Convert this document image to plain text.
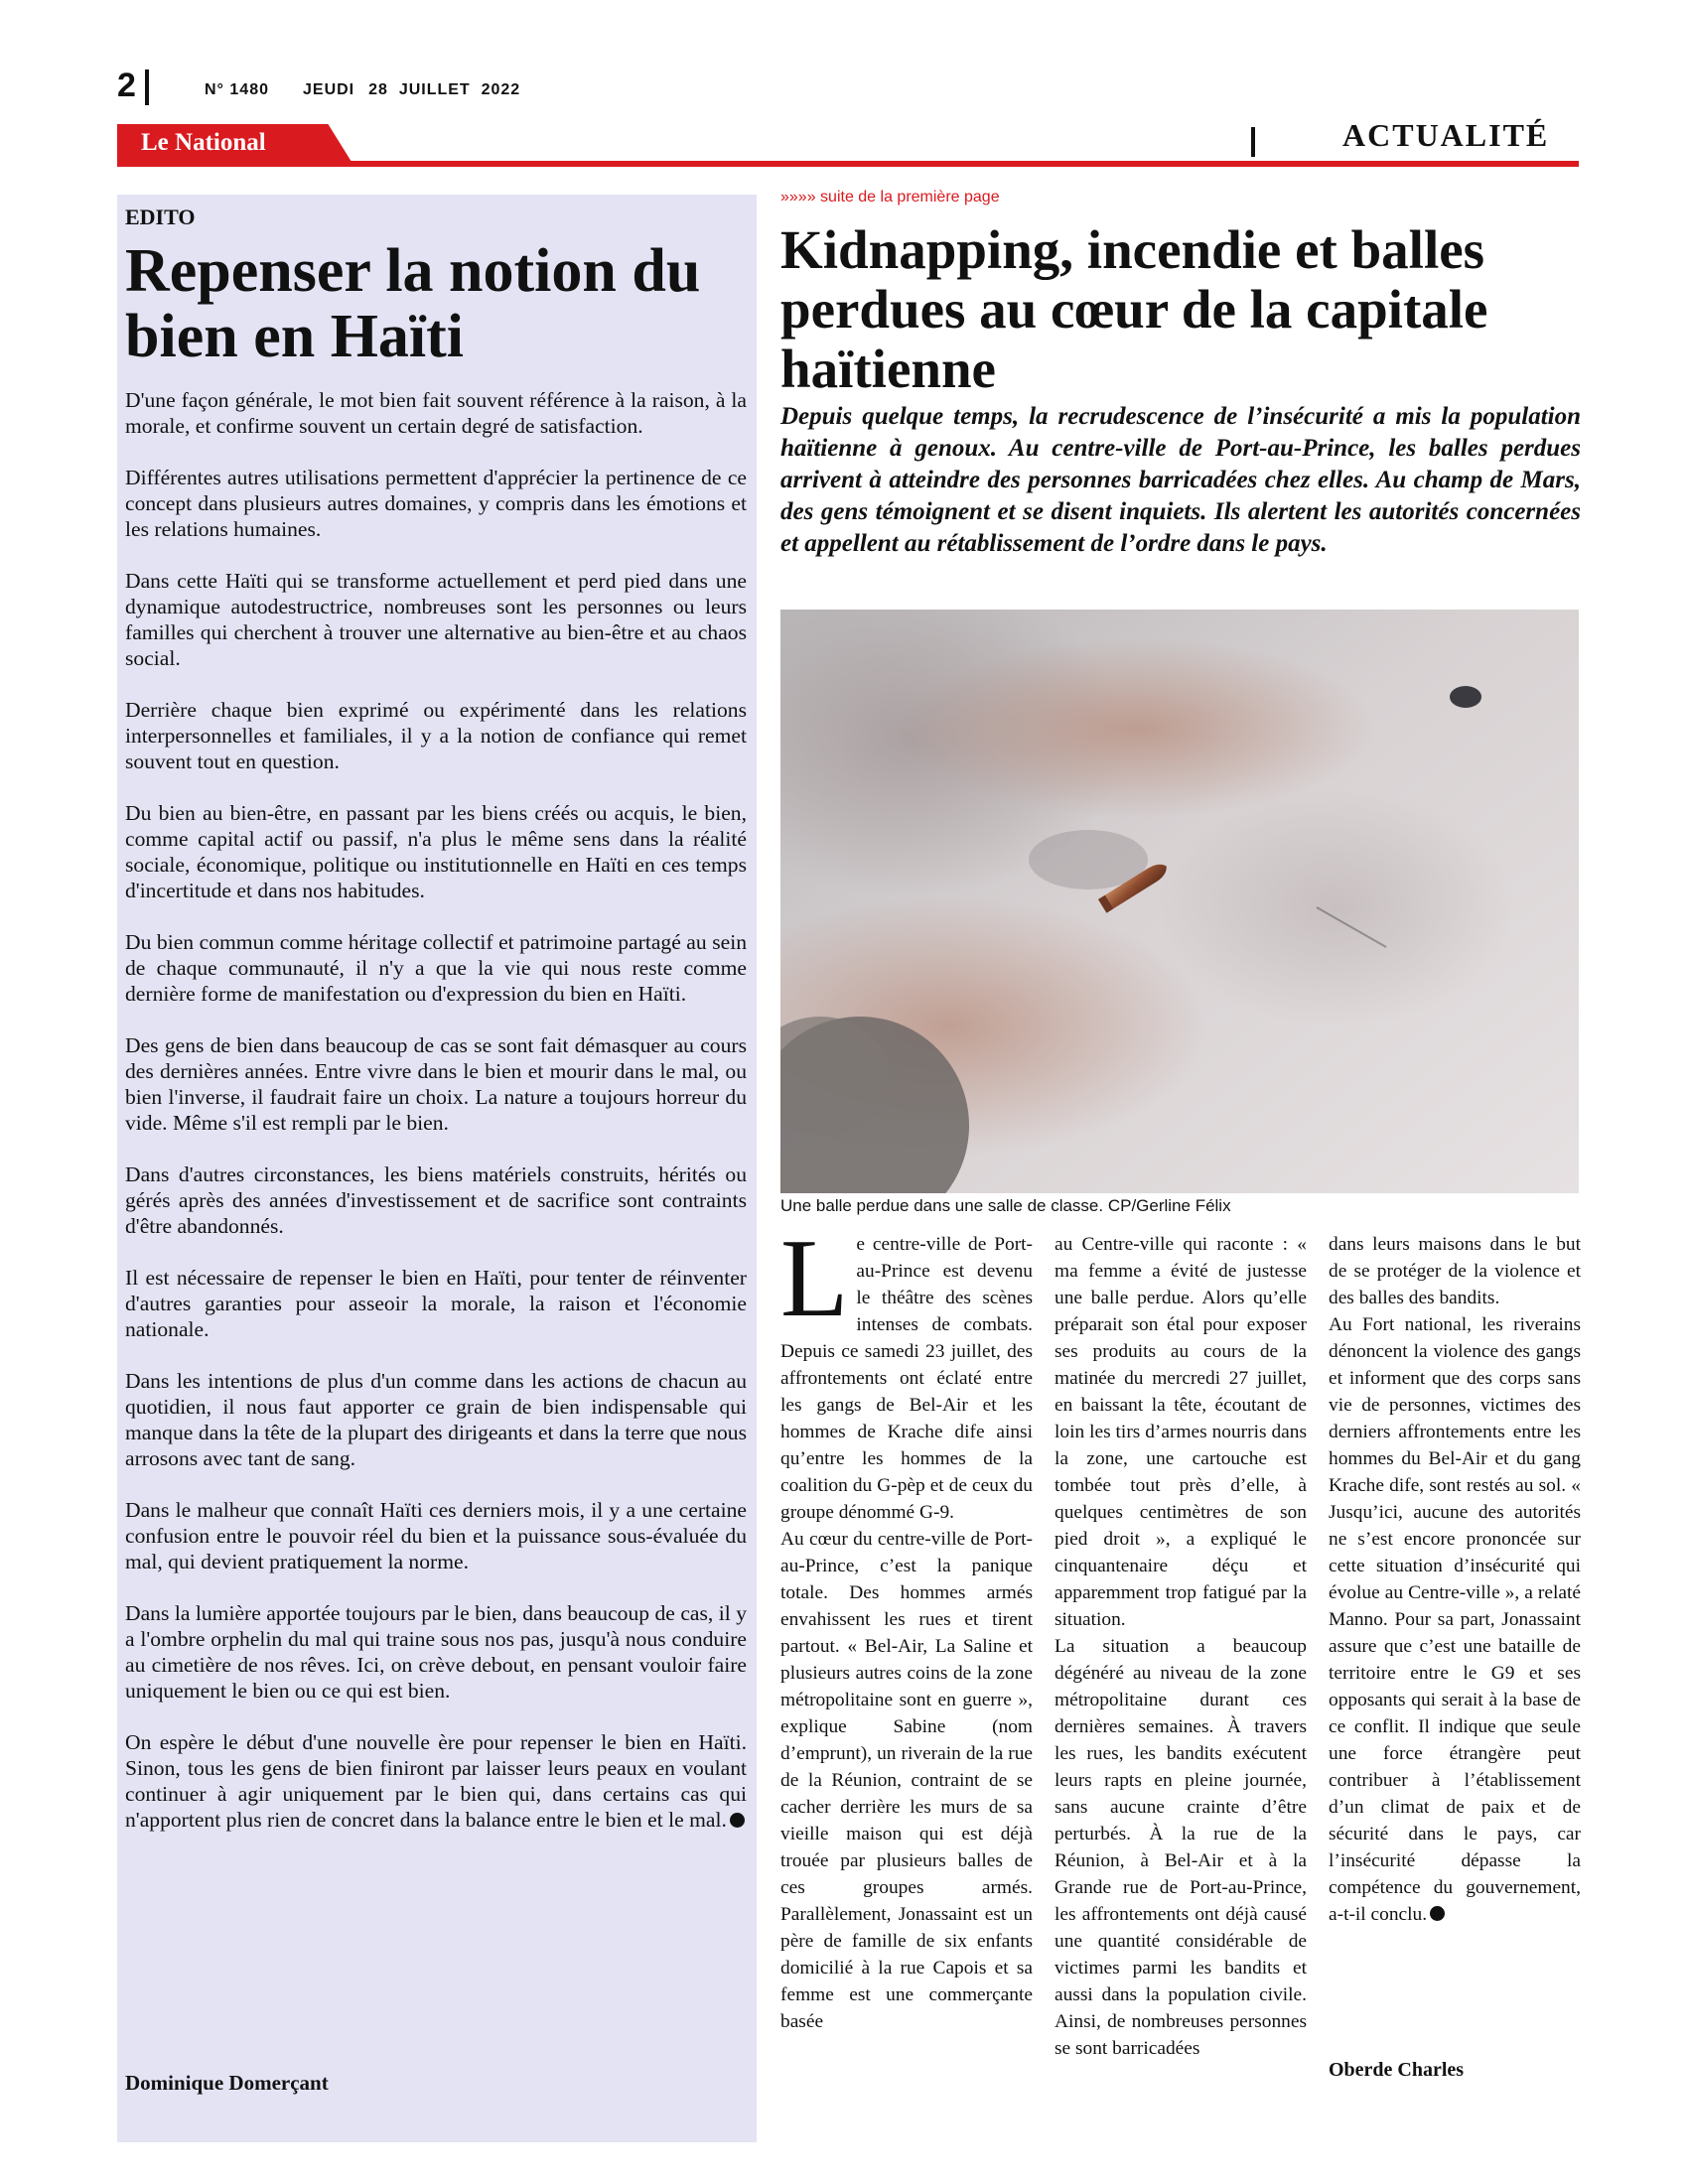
2	N° 1480 JEUDI 28  JUILLET  2022
Le National	ACTUALITÉ
EDITO
Repenser la notion du bien en Haïti

D'une façon générale, le mot bien fait souvent référence à la raison, à la morale, et confirme souvent un certain degré de satisfaction.

Différentes autres utilisations permettent d'apprécier la pertinence de ce concept dans plusieurs autres domaines, y compris dans les émotions et les relations humaines.

Dans cette Haïti qui se transforme actuellement et perd pied dans une dynamique autodestructrice, nombreuses sont les personnes ou leurs familles qui cherchent à trouver une alternative au bien-être et au chaos social.

Derrière chaque bien exprimé ou expérimenté dans les relations interpersonnelles et familiales, il y a la notion de confiance qui remet souvent tout en question.

Du bien au bien-être, en passant par les biens créés ou acquis, le bien, comme capital actif ou passif, n'a plus le même sens dans la réalité sociale, économique, politique ou institutionnelle en Haïti en ces temps d'incertitude et dans nos habitudes.

Du bien commun comme héritage collectif et patrimoine partagé au sein de chaque communauté, il n'y a que la vie qui nous reste comme dernière forme de manifestation ou d'expression du bien en Haïti.

Des gens de bien dans beaucoup de cas se sont fait démasquer au cours des dernières années. Entre vivre dans le bien et mourir dans le mal, ou bien l'inverse, il faudrait faire un choix. La nature a toujours horreur du vide. Même s'il est rempli par le bien.

Dans d'autres circonstances, les biens matériels construits, hérités ou gérés après des années d'investissement et de sacrifice sont contraints d'être abandonnés.

Il est nécessaire de repenser le bien en Haïti, pour tenter de réinventer d'autres garanties pour asseoir la morale, la raison et l'économie nationale.

Dans les intentions de plus d'un comme dans les actions de chacun au quotidien, il nous faut apporter ce grain de bien indispensable qui manque dans la tête de la plupart des dirigeants et dans la terre que nous arrosons avec tant de sang.

Dans le malheur que connaît Haïti ces derniers mois, il y a une certaine confusion entre le pouvoir réel du bien et la puissance sous-évaluée du mal, qui devient pratiquement la norme.

Dans la lumière apportée toujours par le bien, dans beaucoup de cas, il y a l'ombre orphelin du mal qui traine sous nos pas, jusqu'à nous conduire au cimetière de nos rêves. Ici, on crève debout, en pensant vouloir faire uniquement le bien ou ce qui est bien.

On espère le début d'une nouvelle ère pour repenser le bien en Haïti. Sinon, tous les gens de bien finiront par laisser leurs peaux en voulant continuer à agir uniquement par le bien qui, dans certains cas qui n'apportent plus rien de concret dans la balance entre le bien et le mal.

Dominique Domerçant
»»»» suite de la première page
Kidnapping, incendie et balles perdues au cœur de la capitale haïtienne
Depuis quelque temps, la recrudescence de l’insécurité a mis la population haïtienne à genoux. Au centre-ville de Port-au-Prince, les balles perdues arrivent à atteindre des personnes barricadées chez elles. Au champ de Mars, des gens témoignent et se disent inquiets. Ils alertent les autorités concernées et appellent au rétablissement de l’ordre dans le pays.
Une balle perdue dans une salle de classe. CP/Gerline Félix
L e centre-ville de Port-au-Prince est devenu le théâtre des scènes intenses de combats. Depuis ce samedi 23 juillet, des affrontements ont éclaté entre les gangs de Bel-Air et les hommes de Krache dife ainsi qu’entre les hommes de la coalition du G-pèp et de ceux du groupe dénommé G-9.

Au cœur du centre-ville de Port-au-Prince, c’est la panique totale. Des hommes armés envahissent les rues et tirent partout. « Bel-Air, La Saline et plusieurs autres coins de la zone métropolitaine sont en guerre », explique Sabine (nom d’emprunt), un riverain de la rue de la Réunion, contraint de se cacher derrière les murs de sa vieille maison qui est déjà trouée par plusieurs balles de ces groupes armés. Parallèlement, Jonassaint est un père de famille de six enfants domicilié à la rue Capois et sa femme est une commerçante basée

au Centre-ville qui raconte : « ma femme a évité de justesse une balle perdue. Alors qu’elle préparait son étal pour exposer ses produits au cours de la matinée du mercredi 27 juillet, en baissant la tête, écoutant de loin les tirs d’armes nourris dans la zone, une cartouche est tombée tout près d’elle, à quelques centimètres de son pied droit », a expliqué le cinquantenaire déçu et apparemment trop fatigué par la situation.

La situation a beaucoup dégénéré au niveau de la zone métropolitaine durant ces dernières semaines. À travers les rues, les bandits exécutent leurs rapts en pleine journée, sans aucune crainte d’être perturbés. À la rue de la Réunion, à Bel-Air et à la Grande rue de Port-au-Prince, les affrontements ont déjà causé une quantité considérable de victimes parmi les bandits et aussi dans la population civile. Ainsi, de nombreuses personnes se sont barricadées

dans leurs maisons dans le but de se protéger de la violence et des balles des bandits.

Au Fort national, les riverains dénoncent la violence des gangs et informent que des corps sans vie de personnes, victimes des derniers affrontements entre les hommes du Bel-Air et du gang Krache dife, sont restés au sol. « Jusqu’ici, aucune des autorités ne s’est encore prononcée sur cette situation d’insécurité qui évolue au Centre-ville », a relaté Manno. Pour sa part, Jonassaint assure que c’est une bataille de territoire entre le G9 et ses opposants qui serait à la base de ce conflit. Il indique que seule une force étrangère peut contribuer à l’établissement d’un climat de paix et de sécurité dans le pays, car l’insécurité dépasse la compétence du gouvernement, a-t-il conclu.

Oberde Charles
